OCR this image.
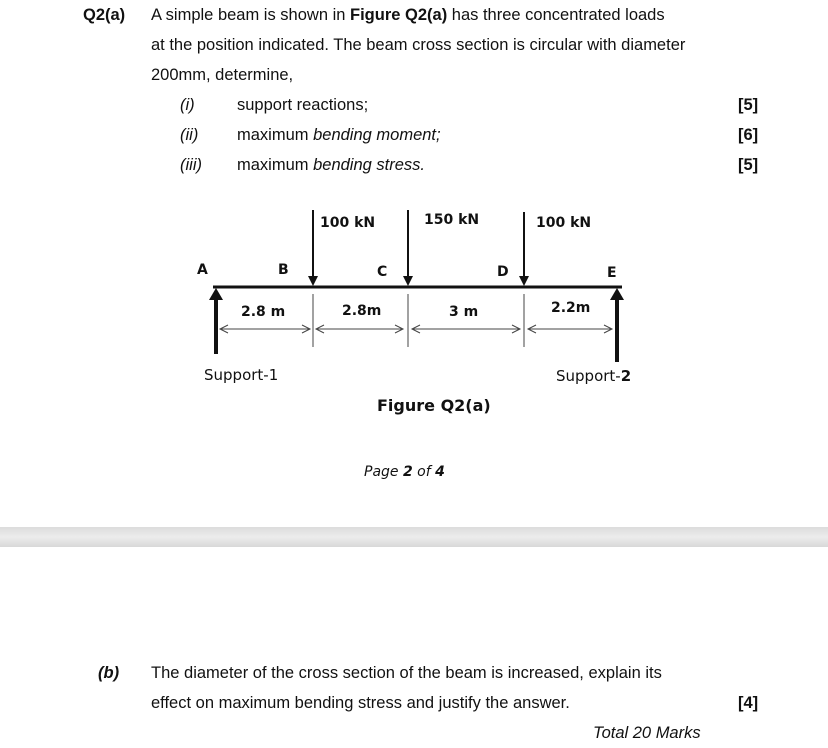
Q2(a) A simple beam is shown in Figure Q2(a) has three concentrated loads
at the position indicated. The beam cross section is circular with diameter
200mm, determine,
(i)	support reactions;	[5]
(ii) maximum bending moment;	[6]
(iii) maximum bending stress.	[5]
100 kN	150 kN	100 kN
A	B	C	D	E
2.8 m	2.8m	3 m	2.2m
Support-1	Support-2
Figure Q2(a)
Page 2 of 4
(b) The diameter of the cross section of the beam is increased, explain its
effect on maximum bending stress and justify the answer.	[4]
Total 20 Marks
